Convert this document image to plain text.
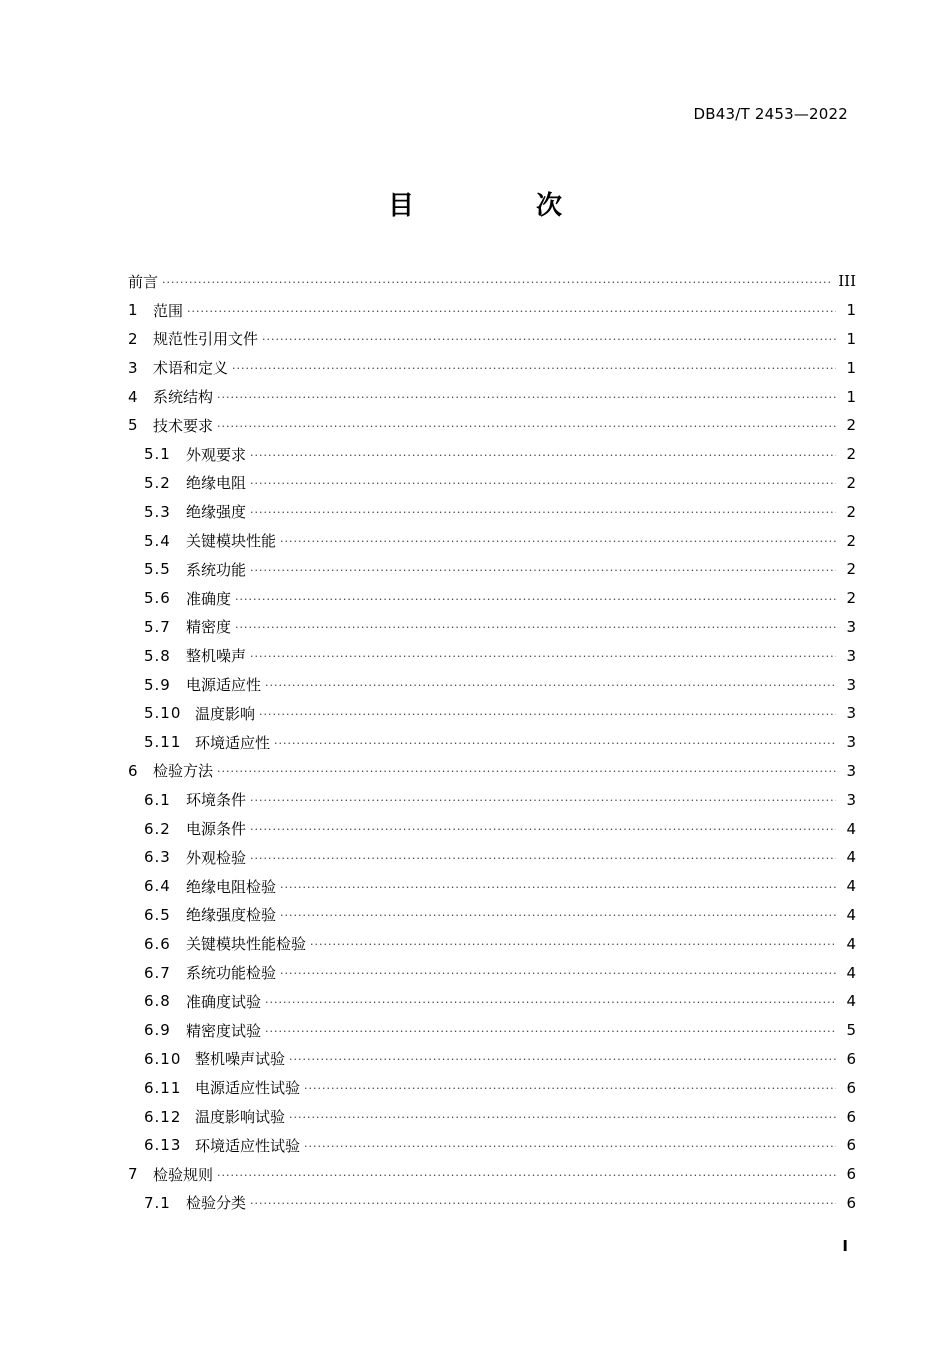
DB43/T 2453—2022
目　次
前言 ·····	III
1	范围 ·····	1
2	规范性引用文件 ·····	1
3	术语和定义 ·····	1
4	系统结构 ·····	1
5	技术要求 ·····	2
5.1	外观要求 ·····	2
5.2	绝缘电阻 ·····	2
5.3	绝缘强度 ·····	2
5.4	关键模块性能 ·····	2
5.5	系统功能 ·····	2
5.6	准确度 ·····	2
5.7	精密度 ·····	3
5.8	整机噪声 ·····	3
5.9	电源适应性 ·····	3
5.10 温度影响 ·····	3
5.11 环境适应性 ·····	3
6	检验方法 ·····	3
6.1	环境条件 ·····	3
6.2	电源条件 ·····	4
6.3	外观检验 ·····	4
6.4	绝缘电阻检验 ·····	4
6.5	绝缘强度检验 ·····	4
6.6	关键模块性能检验 ·····	4
6.7	系统功能检验 ·····	4
6.8	准确度试验 ·····	4
6.9	精密度试验 ·····	5
6.10 整机噪声试验 ·····	6
6.11 电源适应性试验 ·····	6
6.12 温度影响试验 ·····	6
6.13 环境适应性试验 ·····	6
7	检验规则 ·····	6
7.1	检验分类 ·····	6
I
